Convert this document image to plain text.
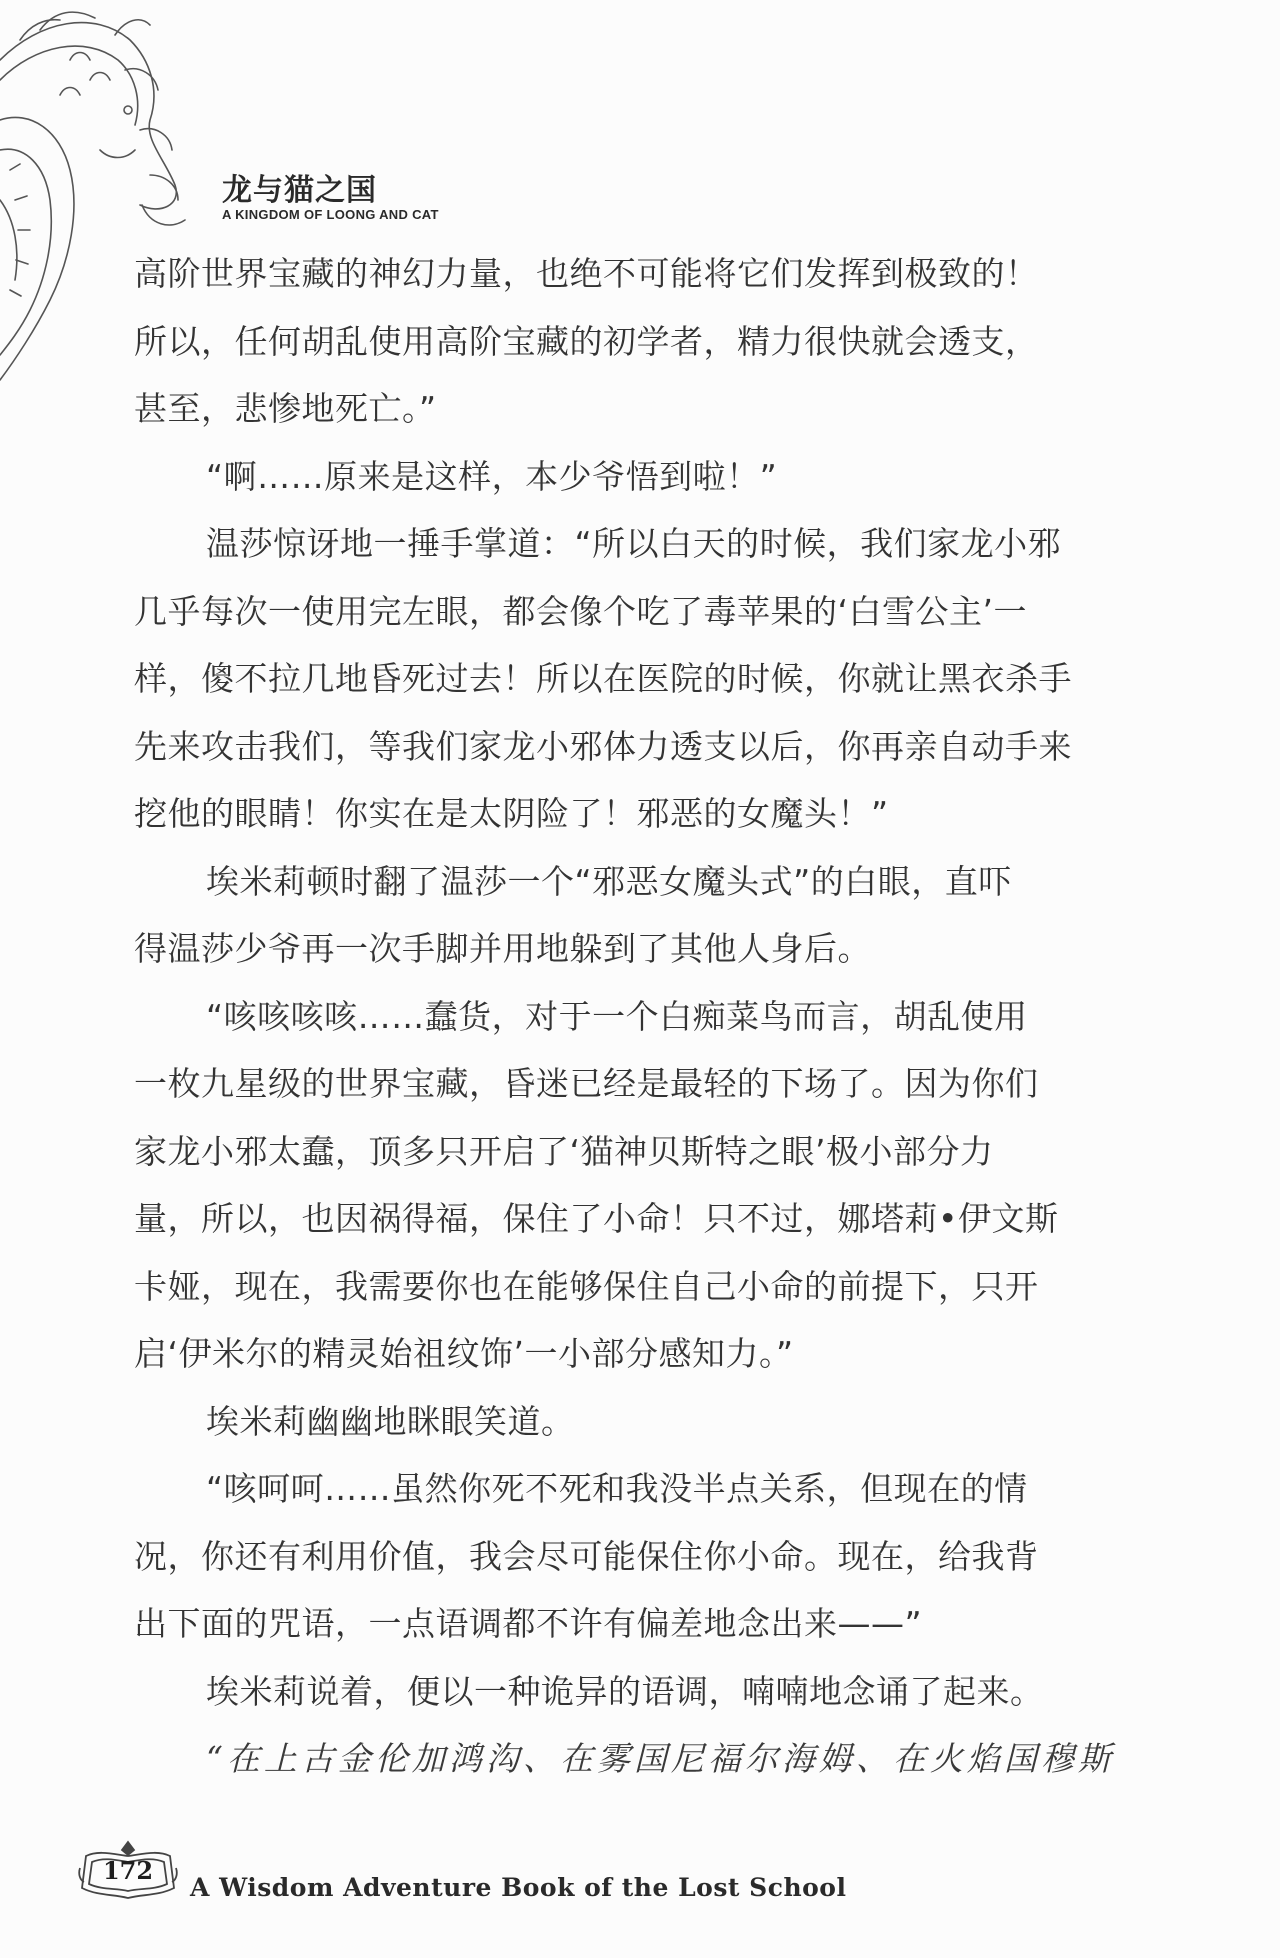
龙与猫之国
A KINGDOM OF LOONG AND CAT
高阶世界宝藏的神幻力量，也绝不可能将它们发挥到极致的！
所以，任何胡乱使用高阶宝藏的初学者，精力很快就会透支，
甚至，悲惨地死亡。”
“啊……原来是这样，本少爷悟到啦！”
温莎惊讶地一捶手掌道：“所以白天的时候，我们家龙小邪
几乎每次一使用完左眼，都会像个吃了毒苹果的‘白雪公主’一
样，傻不拉几地昏死过去！所以在医院的时候，你就让黑衣杀手
先来攻击我们，等我们家龙小邪体力透支以后，你再亲自动手来
挖他的眼睛！你实在是太阴险了！邪恶的女魔头！”
埃米莉顿时翻了温莎一个“邪恶女魔头式”的白眼，直吓
得温莎少爷再一次手脚并用地躲到了其他人身后。
“咳咳咳咳……蠢货，对于一个白痴菜鸟而言，胡乱使用
一枚九星级的世界宝藏，昏迷已经是最轻的下场了。因为你们
家龙小邪太蠢，顶多只开启了‘猫神贝斯特之眼’极小部分力
量，所以，也因祸得福，保住了小命！只不过，娜塔莉•伊文斯
卡娅，现在，我需要你也在能够保住自己小命的前提下，只开
启‘伊米尔的精灵始祖纹饰’一小部分感知力。”
埃米莉幽幽地眯眼笑道。
“咳呵呵……虽然你死不死和我没半点关系，但现在的情
况，你还有利用价值，我会尽可能保住你小命。现在，给我背
出下面的咒语，一点语调都不许有偏差地念出来——”
埃米莉说着，便以一种诡异的语调，喃喃地念诵了起来。
“在上古金伦加鸿沟、在雾国尼福尔海姆、在火焰国穆斯
172
A Wisdom Adventure Book of the Lost School
